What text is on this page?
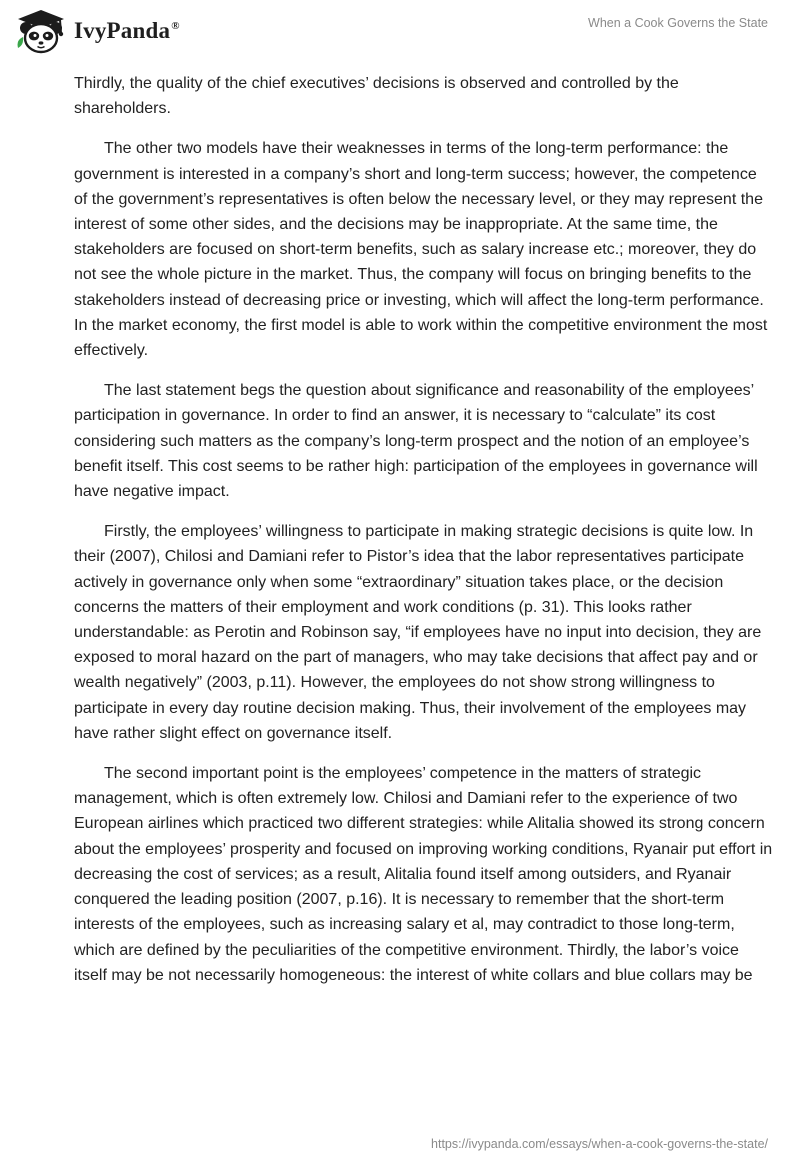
IvyPanda®	When a Cook Governs the State

Thirdly, the quality of the chief executives’ decisions is observed and controlled by the shareholders.

The other two models have their weaknesses in terms of the long-term performance: the government is interested in a company’s short and long-term success; however, the competence of the government’s representatives is often below the necessary level, or they may represent the interest of some other sides, and the decisions may be inappropriate. At the same time, the stakeholders are focused on short-term benefits, such as salary increase etc.; moreover, they do not see the whole picture in the market. Thus, the company will focus on bringing benefits to the stakeholders instead of decreasing price or investing, which will affect the long-term performance. In the market economy, the first model is able to work within the competitive environment the most effectively.

The last statement begs the question about significance and reasonability of the employees’ participation in governance. In order to find an answer, it is necessary to “calculate” its cost considering such matters as the company’s long-term prospect and the notion of an employee’s benefit itself. This cost seems to be rather high: participation of the employees in governance will have negative impact.

Firstly, the employees’ willingness to participate in making strategic decisions is quite low. In their (2007), Chilosi and Damiani refer to Pistor’s idea that the labor representatives participate actively in governance only when some “extraordinary” situation takes place, or the decision concerns the matters of their employment and work conditions (p. 31). This looks rather understandable: as Perotin and Robinson say, “if employees have no input into decision, they are exposed to moral hazard on the part of managers, who may take decisions that affect pay and or wealth negatively” (2003, p.11). However, the employees do not show strong willingness to participate in every day routine decision making. Thus, their involvement of the employees may have rather slight effect on governance itself.

The second important point is the employees’ competence in the matters of strategic management, which is often extremely low. Chilosi and Damiani refer to the experience of two European airlines which practiced two different strategies: while Alitalia showed its strong concern about the employees’ prosperity and focused on improving working conditions, Ryanair put effort in decreasing the cost of services; as a result, Alitalia found itself among outsiders, and Ryanair conquered the leading position (2007, p.16). It is necessary to remember that the short-term interests of the employees, such as increasing salary et al, may contradict to those long-term, which are defined by the peculiarities of the competitive environment. Thirdly, the labor’s voice itself may be not necessarily homogeneous: the interest of white collars and blue collars may be

https://ivypanda.com/essays/when-a-cook-governs-the-state/
